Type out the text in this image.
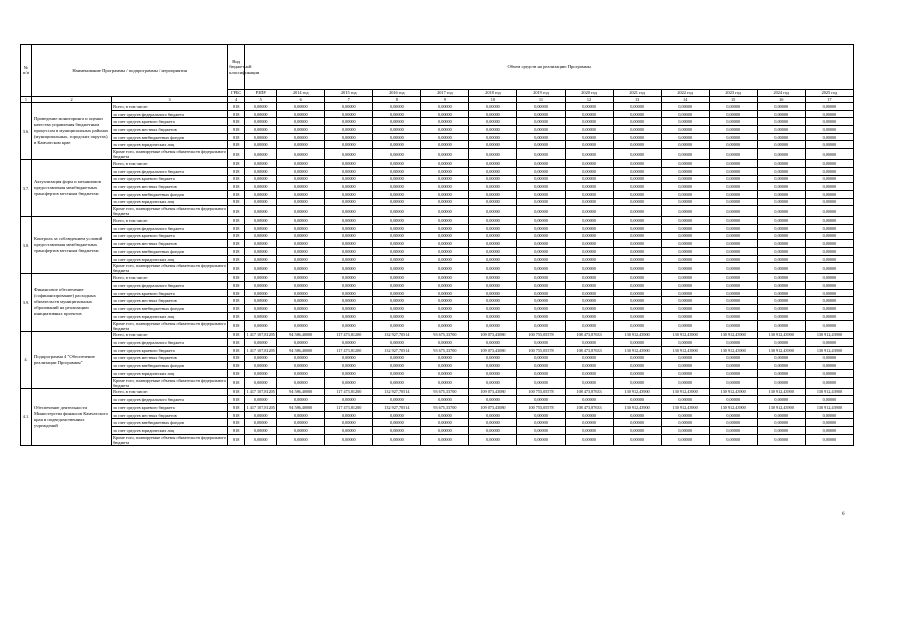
№ п/п	Наименование Программы / подпрограммы / мероприятия		Вид бюджетной классификации	Объем средств на реализацию Программы												
			ГРБС	РЗПР	2014 год	2015 год	2016 год	2017 год	2018 год	2019 год	2020 год	2021 год	2022 год	2023 год	2024 год	2025 год
1	2	3	4	5	6	7	8	9	10	11	12	13	14	15	16	17
3.6.	Проведение мониторинга и оценки качества управления бюджетным процессом в муниципальных районах (муниципальных, городских округах) в Камчатском крае	Всего, в том числе:	818	0,00000	0,00000	0,00000	0,00000	0,00000	0,00000	0,00000	0,00000	0,00000	0,00000	0,00000	0,00000	0,00000
		за счет средств федерального бюджета	818	0,00000	0,00000	0,00000	0,00000	0,00000	0,00000	0,00000	0,00000	0,00000	0,00000	0,00000	0,00000	0,00000
		за счет средств краевого бюджета	818	0,00000	0,00000	0,00000	0,00000	0,00000	0,00000	0,00000	0,00000	0,00000	0,00000	0,00000	0,00000	0,00000
		за счет средств местных бюджетов	818	0,00000	0,00000	0,00000	0,00000	0,00000	0,00000	0,00000	0,00000	0,00000	0,00000	0,00000	0,00000	0,00000
		за счет средств внебюджетных фондов	818	0,00000	0,00000	0,00000	0,00000	0,00000	0,00000	0,00000	0,00000	0,00000	0,00000	0,00000	0,00000	0,00000
		за счет средств юридических лиц	818	0,00000	0,00000	0,00000	0,00000	0,00000	0,00000	0,00000	0,00000	0,00000	0,00000	0,00000	0,00000	0,00000
		Кроме того, планируемые объемы обязательств федерального бюджета	818	0,00000	0,00000	0,00000	0,00000	0,00000	0,00000	0,00000	0,00000	0,00000	0,00000	0,00000	0,00000	0,00000
3.7.	Актуализация форм и механизмов предоставления межбюджетных трансфертов местным бюджетам	Всего, в том числе:	818	0,00000	0,00000	0,00000	0,00000	0,00000	0,00000	0,00000	0,00000	0,00000	0,00000	0,00000	0,00000	0,00000
		за счет средств федерального бюджета	818	0,00000	0,00000	0,00000	0,00000	0,00000	0,00000	0,00000	0,00000	0,00000	0,00000	0,00000	0,00000	0,00000
		за счет средств краевого бюджета	818	0,00000	0,00000	0,00000	0,00000	0,00000	0,00000	0,00000	0,00000	0,00000	0,00000	0,00000	0,00000	0,00000
		за счет средств местных бюджетов	818	0,00000	0,00000	0,00000	0,00000	0,00000	0,00000	0,00000	0,00000	0,00000	0,00000	0,00000	0,00000	0,00000
		за счет средств внебюджетных фондов	818	0,00000	0,00000	0,00000	0,00000	0,00000	0,00000	0,00000	0,00000	0,00000	0,00000	0,00000	0,00000	0,00000
		за счет средств юридических лиц	818	0,00000	0,00000	0,00000	0,00000	0,00000	0,00000	0,00000	0,00000	0,00000	0,00000	0,00000	0,00000	0,00000
		Кроме того, планируемые объемы обязательств федерального бюджета	818	0,00000	0,00000	0,00000	0,00000	0,00000	0,00000	0,00000	0,00000	0,00000	0,00000	0,00000	0,00000	0,00000
3.8.	Контроль за соблюдением условий предоставления межбюджетных трансфертов местным бюджетам	Всего, в том числе:	818	0,00000	0,00000	0,00000	0,00000	0,00000	0,00000	0,00000	0,00000	0,00000	0,00000	0,00000	0,00000	0,00000
		за счет средств федерального бюджета	818	0,00000	0,00000	0,00000	0,00000	0,00000	0,00000	0,00000	0,00000	0,00000	0,00000	0,00000	0,00000	0,00000
		за счет средств краевого бюджета	818	0,00000	0,00000	0,00000	0,00000	0,00000	0,00000	0,00000	0,00000	0,00000	0,00000	0,00000	0,00000	0,00000
		за счет средств местных бюджетов	818	0,00000	0,00000	0,00000	0,00000	0,00000	0,00000	0,00000	0,00000	0,00000	0,00000	0,00000	0,00000	0,00000
		за счет средств внебюджетных фондов	818	0,00000	0,00000	0,00000	0,00000	0,00000	0,00000	0,00000	0,00000	0,00000	0,00000	0,00000	0,00000	0,00000
		за счет средств юридических лиц	818	0,00000	0,00000	0,00000	0,00000	0,00000	0,00000	0,00000	0,00000	0,00000	0,00000	0,00000	0,00000	0,00000
		Кроме того, планируемые объемы обязательств федерального бюджета	818	0,00000	0,00000	0,00000	0,00000	0,00000	0,00000	0,00000	0,00000	0,00000	0,00000	0,00000	0,00000	0,00000
3.9.	Финансовое обеспечение (софинансирование) расходных обязательств муниципальных образований на реализацию инициативных проектов	Всего, в том числе:	818	0,00000	0,00000	0,00000	0,00000	0,00000	0,00000	0,00000	0,00000	0,00000	0,00000	0,00000	0,00000	0,00000
		за счет средств федерального бюджета	818	0,00000	0,00000	0,00000	0,00000	0,00000	0,00000	0,00000	0,00000	0,00000	0,00000	0,00000	0,00000	0,00000
		за счет средств краевого бюджета	818	0,00000	0,00000	0,00000	0,00000	0,00000	0,00000	0,00000	0,00000	0,00000	0,00000	0,00000	0,00000	0,00000
		за счет средств местных бюджетов	818	0,00000	0,00000	0,00000	0,00000	0,00000	0,00000	0,00000	0,00000	0,00000	0,00000	0,00000	0,00000	0,00000
		за счет средств внебюджетных фондов	818	0,00000	0,00000	0,00000	0,00000	0,00000	0,00000	0,00000	0,00000	0,00000	0,00000	0,00000	0,00000	0,00000
		за счет средств юридических лиц	818	0,00000	0,00000	0,00000	0,00000	0,00000	0,00000	0,00000	0,00000	0,00000	0,00000	0,00000	0,00000	0,00000
		Кроме того, планируемые объемы обязательств федерального бюджета	818	0,00000	0,00000	0,00000	0,00000	0,00000	0,00000	0,00000	0,00000	0,00000	0,00000	0,00000	0,00000	0,00000
4.	Подпрограмма 4 "Обеспечение реализации Программы"	Всего, в том числе:	818	1 417 107,81205	94 586,40000	117 473,81200	132 927,70514	93 675,33700	109 073,43080	100 755,05578	108 473,87633	130 912,43900	130 912,43900	130 912,43900	130 912,43900	130 912,43900
		за счет средств федерального бюджета	818	0,00000	0,00000	0,00000	0,00000	0,00000	0,00000	0,00000	0,00000	0,00000	0,00000	0,00000	0,00000	0,00000
		за счет средств краевого бюджета	818	1 417 107,81205	94 586,40000	117 473,81200	132 927,70514	93 675,33700	109 073,43080	100 755,05578	108 473,87633	130 912,43900	130 912,43900	130 912,43900	130 912,43900	130 912,43900
		за счет средств местных бюджетов	818	0,00000	0,00000	0,00000	0,00000	0,00000	0,00000	0,00000	0,00000	0,00000	0,00000	0,00000	0,00000	0,00000
		за счет средств внебюджетных фондов	818	0,00000	0,00000	0,00000	0,00000	0,00000	0,00000	0,00000	0,00000	0,00000	0,00000	0,00000	0,00000	0,00000
		за счет средств юридических лиц	818	0,00000	0,00000	0,00000	0,00000	0,00000	0,00000	0,00000	0,00000	0,00000	0,00000	0,00000	0,00000	0,00000
		Кроме того, планируемые объемы обязательств федерального бюджета	818	0,00000	0,00000	0,00000	0,00000	0,00000	0,00000	0,00000	0,00000	0,00000	0,00000	0,00000	0,00000	0,00000
4.1.	Обеспечение деятельности Министерства финансов Камчатского края и подведомственных учреждений	Всего, в том числе:	818	1 417 107,81205	94 586,40000	117 473,81200	132 927,70514	93 675,33700	109 073,43080	100 755,05578	108 473,87633	130 912,43900	130 912,43900	130 912,43900	130 912,43900	130 912,43900
		за счет средств федерального бюджета	818	0,00000	0,00000	0,00000	0,00000	0,00000	0,00000	0,00000	0,00000	0,00000	0,00000	0,00000	0,00000	0,00000
		за счет средств краевого бюджета	818	1 417 107,81205	94 586,40000	117 473,81200	132 927,70514	93 675,33700	109 073,43080	100 755,05578	108 473,87633	130 912,43900	130 912,43900	130 912,43900	130 912,43900	130 912,43900
		за счет средств местных бюджетов	818	0,00000	0,00000	0,00000	0,00000	0,00000	0,00000	0,00000	0,00000	0,00000	0,00000	0,00000	0,00000	0,00000
		за счет средств внебюджетных фондов	818	0,00000	0,00000	0,00000	0,00000	0,00000	0,00000	0,00000	0,00000	0,00000	0,00000	0,00000	0,00000	0,00000
		за счет средств юридических лиц	818	0,00000	0,00000	0,00000	0,00000	0,00000	0,00000	0,00000	0,00000	0,00000	0,00000	0,00000	0,00000	0,00000
		Кроме того, планируемые объемы обязательств федерального бюджета	818	0,00000	0,00000	0,00000	0,00000	0,00000	0,00000	0,00000	0,00000	0,00000	0,00000	0,00000	0,00000	0,00000
6
